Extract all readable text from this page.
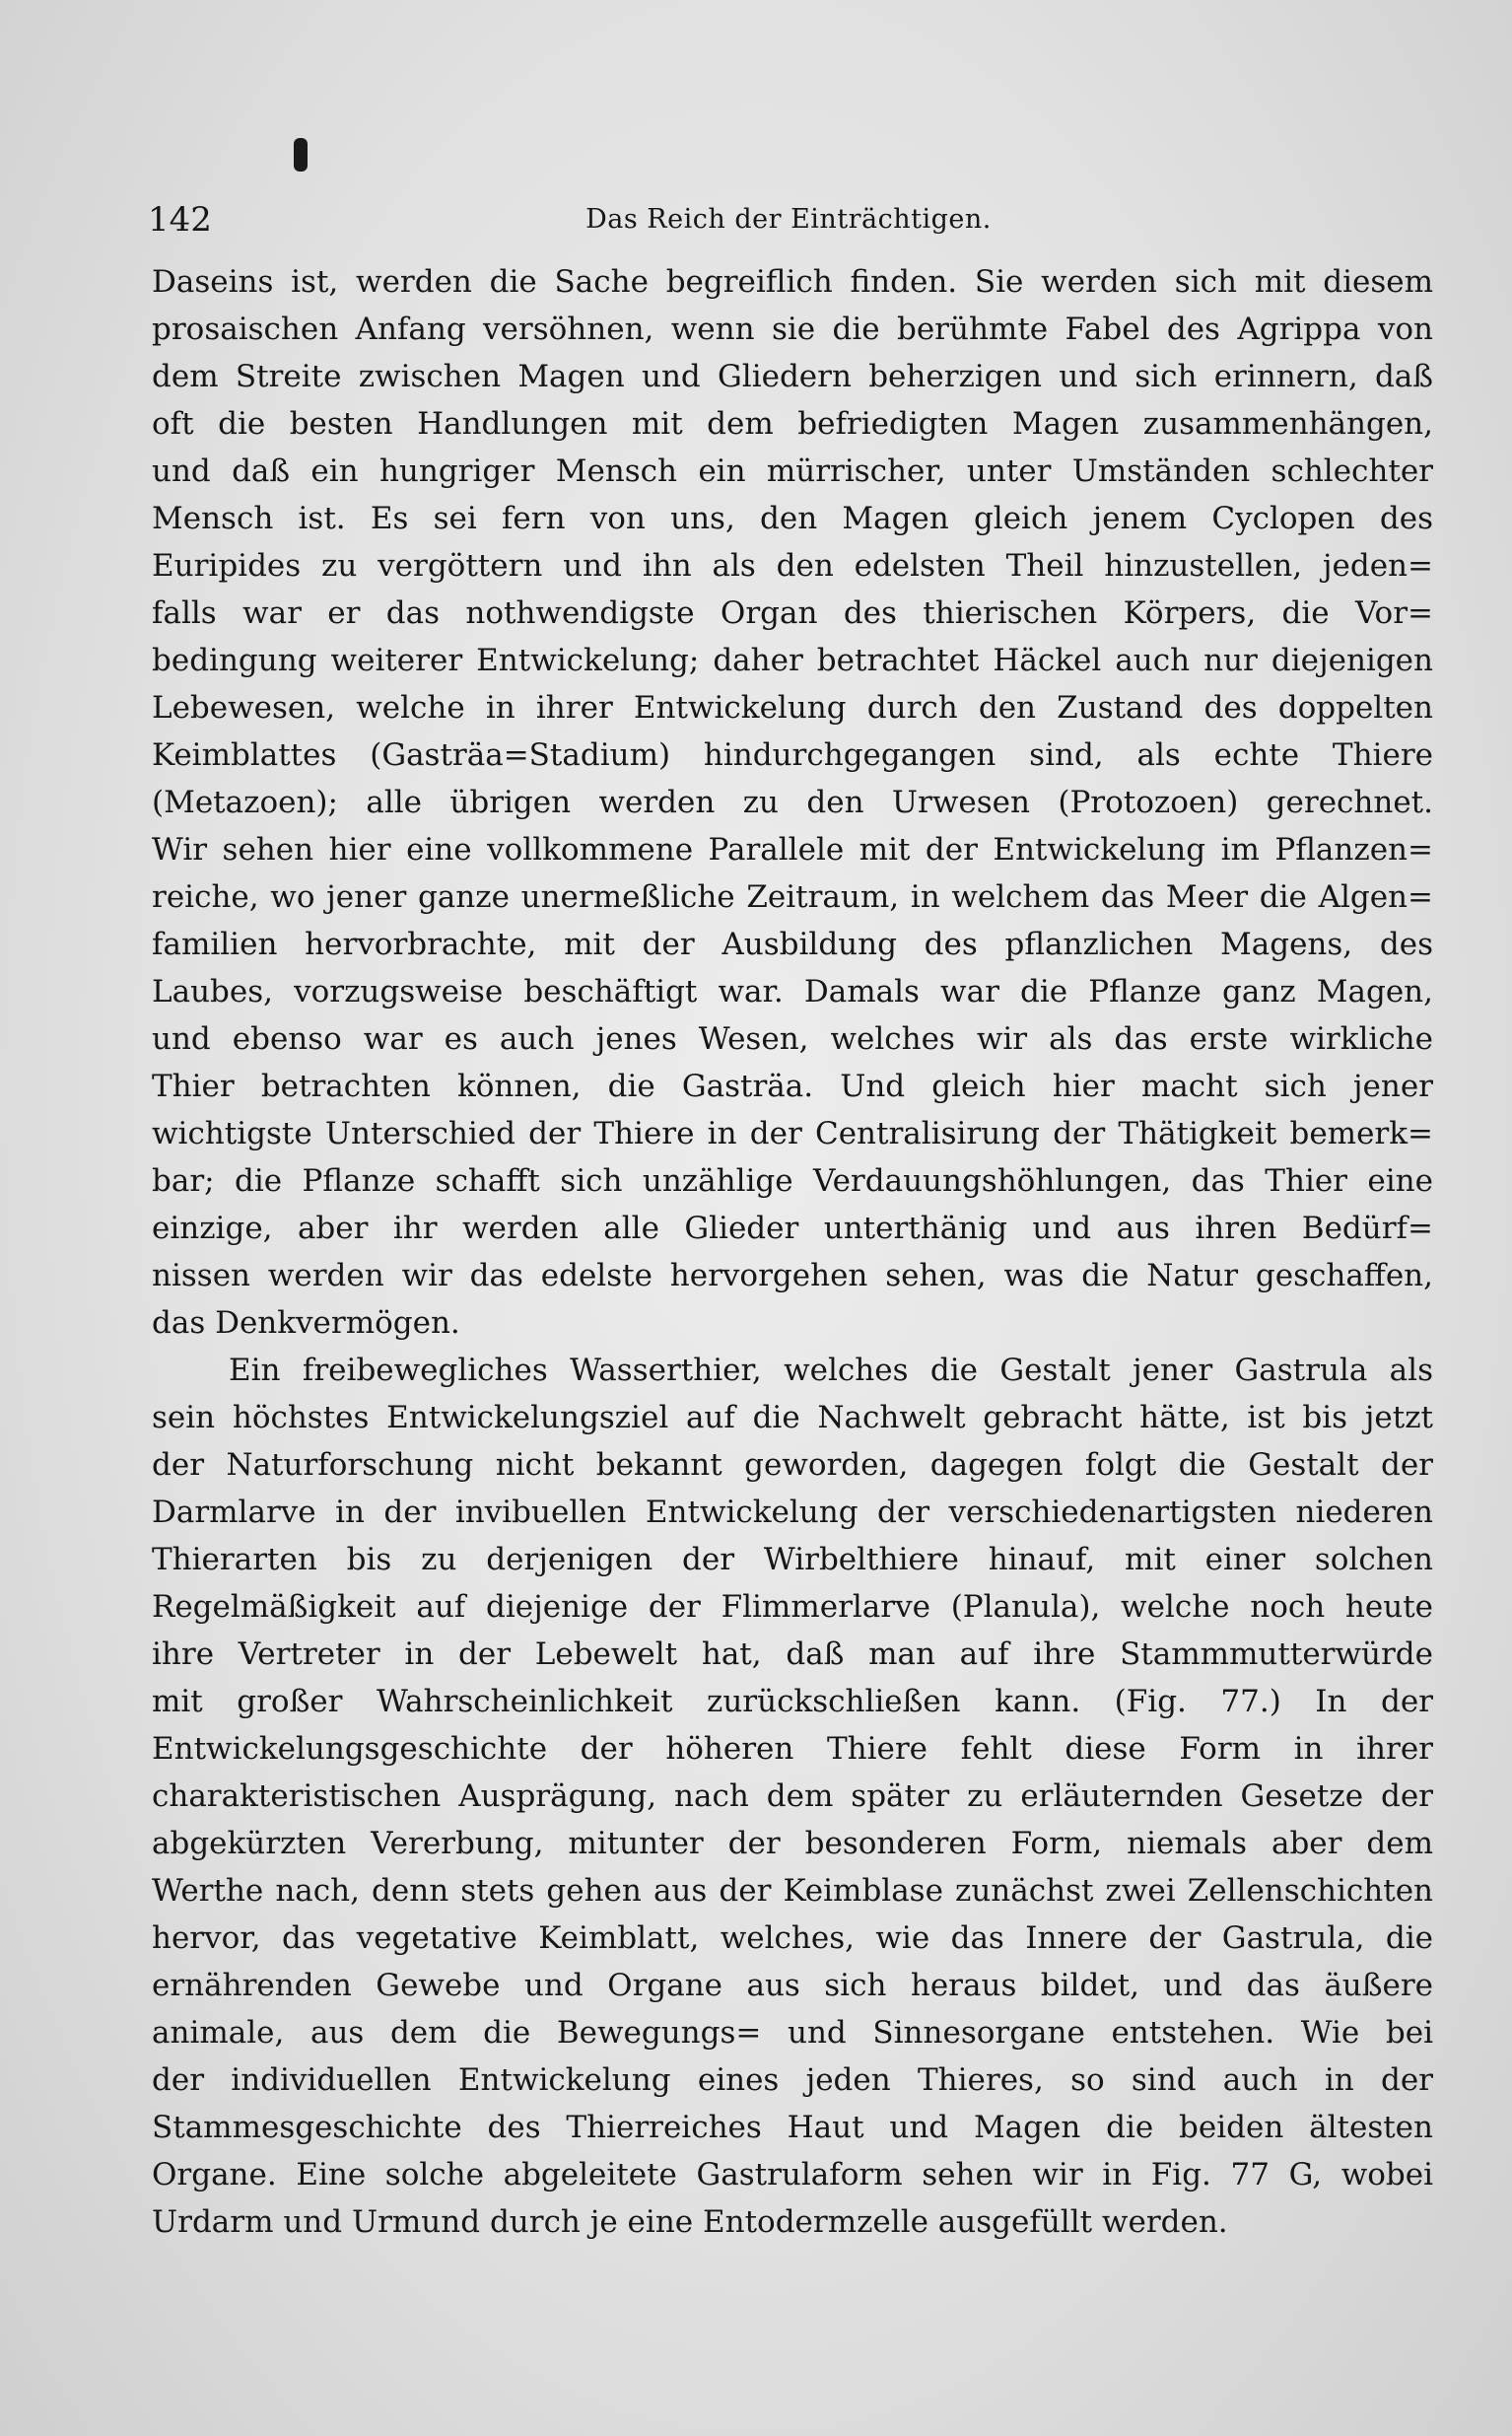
142	Das Reich der Einträchtigen.
Daseins ist, werden die Sache begreiflich finden. Sie werden sich mit diesem
prosaischen Anfang versöhnen, wenn sie die berühmte Fabel des Agrippa von
dem Streite zwischen Magen und Gliedern beherzigen und sich erinnern, daß
oft die besten Handlungen mit dem befriedigten Magen zusammenhängen,
und daß ein hungriger Mensch ein mürrischer, unter Umständen schlechter
Mensch ist. Es sei fern von uns, den Magen gleich jenem Cyclopen des
Euripides zu vergöttern und ihn als den edelsten Theil hinzustellen, jeden=
falls war er das nothwendigste Organ des thierischen Körpers, die Vor=
bedingung weiterer Entwickelung; daher betrachtet Häckel auch nur diejenigen
Lebewesen, welche in ihrer Entwickelung durch den Zustand des doppelten
Keimblattes (Gasträa=Stadium) hindurchgegangen sind, als echte Thiere
(Metazoen); alle übrigen werden zu den Urwesen (Protozoen) gerechnet.
Wir sehen hier eine vollkommene Parallele mit der Entwickelung im Pflanzen=
reiche, wo jener ganze unermeßliche Zeitraum, in welchem das Meer die Algen=
familien hervorbrachte, mit der Ausbildung des pflanzlichen Magens, des
Laubes, vorzugsweise beschäftigt war. Damals war die Pflanze ganz Magen,
und ebenso war es auch jenes Wesen, welches wir als das erste wirkliche
Thier betrachten können, die Gasträa. Und gleich hier macht sich jener
wichtigste Unterschied der Thiere in der Centralisirung der Thätigkeit bemerk=
bar; die Pflanze schafft sich unzählige Verdauungshöhlungen, das Thier eine
einzige, aber ihr werden alle Glieder unterthänig und aus ihren Bedürf=
nissen werden wir das edelste hervorgehen sehen, was die Natur geschaffen,
das Denkvermögen.
Ein freibewegliches Wasserthier, welches die Gestalt jener Gastrula als
sein höchstes Entwickelungsziel auf die Nachwelt gebracht hätte, ist bis jetzt
der Naturforschung nicht bekannt geworden, dagegen folgt die Gestalt der
Darmlarve in der invibuellen Entwickelung der verschiedenartigsten niederen
Thierarten bis zu derjenigen der Wirbelthiere hinauf, mit einer solchen
Regelmäßigkeit auf diejenige der Flimmerlarve (Planula), welche noch heute
ihre Vertreter in der Lebewelt hat, daß man auf ihre Stammmutterwürde
mit großer Wahrscheinlichkeit zurückschließen kann. (Fig. 77.) In der
Entwickelungsgeschichte der höheren Thiere fehlt diese Form in ihrer
charakteristischen Ausprägung, nach dem später zu erläuternden Gesetze der
abgekürzten Vererbung, mitunter der besonderen Form, niemals aber dem
Werthe nach, denn stets gehen aus der Keimblase zunächst zwei Zellenschichten
hervor, das vegetative Keimblatt, welches, wie das Innere der Gastrula, die
ernährenden Gewebe und Organe aus sich heraus bildet, und das äußere
animale, aus dem die Bewegungs= und Sinnesorgane entstehen. Wie bei
der individuellen Entwickelung eines jeden Thieres, so sind auch in der
Stammesgeschichte des Thierreiches Haut und Magen die beiden ältesten
Organe. Eine solche abgeleitete Gastrulaform sehen wir in Fig. 77 G, wobei
Urdarm und Urmund durch je eine Entodermzelle ausgefüllt werden.
